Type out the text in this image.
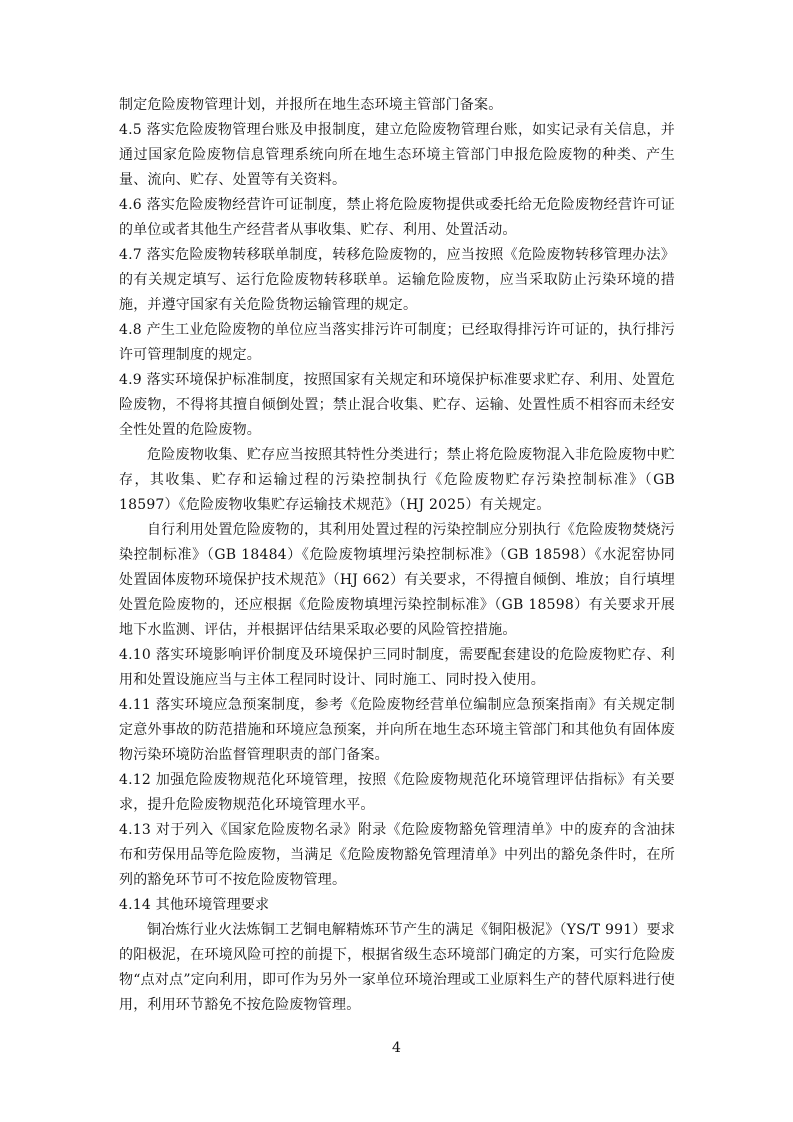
制定危险废物管理计划，并报所在地生态环境主管部门备案。

4.5 落实危险废物管理台账及申报制度，建立危险废物管理台账，如实记录有关信息，并通过国家危险废物信息管理系统向所在地生态环境主管部门申报危险废物的种类、产生量、流向、贮存、处置等有关资料。

4.6 落实危险废物经营许可证制度，禁止将危险废物提供或委托给无危险废物经营许可证的单位或者其他生产经营者从事收集、贮存、利用、处置活动。

4.7 落实危险废物转移联单制度，转移危险废物的，应当按照《危险废物转移管理办法》的有关规定填写、运行危险废物转移联单。运输危险废物，应当采取防止污染环境的措施，并遵守国家有关危险货物运输管理的规定。

4.8 产生工业危险废物的单位应当落实排污许可制度；已经取得排污许可证的，执行排污许可管理制度的规定。

4.9 落实环境保护标准制度，按照国家有关规定和环境保护标准要求贮存、利用、处置危险废物，不得将其擅自倾倒处置；禁止混合收集、贮存、运输、处置性质不相容而未经安全性处置的危险废物。

危险废物收集、贮存应当按照其特性分类进行；禁止将危险废物混入非危险废物中贮存，其收集、贮存和运输过程的污染控制执行《危险废物贮存污染控制标准》（GB 18597）《危险废物收集贮存运输技术规范》（HJ 2025）有关规定。

自行利用处置危险废物的，其利用处置过程的污染控制应分别执行《危险废物焚烧污染控制标准》（GB 18484）《危险废物填埋污染控制标准》（GB 18598）《水泥窑协同处置固体废物环境保护技术规范》（HJ 662）有关要求，不得擅自倾倒、堆放；自行填埋处置危险废物的，还应根据《危险废物填埋污染控制标准》（GB 18598）有关要求开展地下水监测、评估，并根据评估结果采取必要的风险管控措施。

4.10 落实环境影响评价制度及环境保护三同时制度，需要配套建设的危险废物贮存、利用和处置设施应当与主体工程同时设计、同时施工、同时投入使用。

4.11 落实环境应急预案制度，参考《危险废物经营单位编制应急预案指南》有关规定制定意外事故的防范措施和环境应急预案，并向所在地生态环境主管部门和其他负有固体废物污染环境防治监督管理职责的部门备案。

4.12 加强危险废物规范化环境管理，按照《危险废物规范化环境管理评估指标》有关要求，提升危险废物规范化环境管理水平。

4.13 对于列入《国家危险废物名录》附录《危险废物豁免管理清单》中的废弃的含油抹布和劳保用品等危险废物，当满足《危险废物豁免管理清单》中列出的豁免条件时，在所列的豁免环节可不按危险废物管理。

4.14 其他环境管理要求

铜冶炼行业火法炼铜工艺铜电解精炼环节产生的满足《铜阳极泥》（YS/T 991）要求的阳极泥，在环境风险可控的前提下，根据省级生态环境部门确定的方案，可实行危险废物“点对点”定向利用，即可作为另外一家单位环境治理或工业原料生产的替代原料进行使用，利用环节豁免不按危险废物管理。

4
